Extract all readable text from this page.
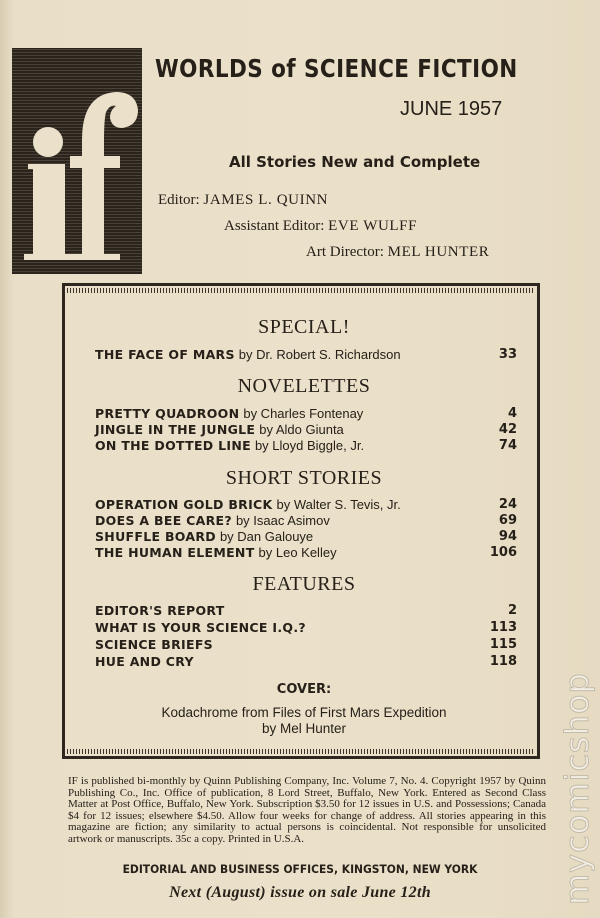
WORLDS of SCIENCE FICTION
JUNE 1957
All Stories New and Complete
Editor: JAMES L. QUINN
Assistant Editor: EVE WULFF
Art Director: MEL HUNTER
SPECIAL!
THE FACE OF MARS by Dr. Robert S. Richardson	33
NOVELETTES
PRETTY QUADROON by Charles Fontenay	4
JINGLE IN THE JUNGLE by Aldo Giunta	42
ON THE DOTTED LINE by Lloyd Biggle, Jr.	74
SHORT STORIES
OPERATION GOLD BRICK by Walter S. Tevis, Jr.	24
DOES A BEE CARE? by Isaac Asimov	69
SHUFFLE BOARD by Dan Galouye	94
THE HUMAN ELEMENT by Leo Kelley	106
FEATURES
EDITOR'S REPORT	2
WHAT IS YOUR SCIENCE I.Q.?	113
SCIENCE BRIEFS	115
HUE AND CRY	118
COVER:
Kodachrome from Files of First Mars Expedition
by Mel Hunter
IF is published bi-monthly by Quinn Publishing Company, Inc. Volume 7, No. 4. Copyright 1957 by Quinn Publishing Co., Inc. Office of publication, 8 Lord Street, Buffalo, New York. Entered as Second Class Matter at Post Office, Buffalo, New York. Subscription $3.50 for 12 issues in U.S. and Possessions; Canada $4 for 12 issues; elsewhere $4.50. Allow four weeks for change of address. All stories appearing in this magazine are fiction; any similarity to actual persons is coincidental. Not responsible for unsolicited artwork or manuscripts. 35c a copy. Printed in U.S.A.
EDITORIAL AND BUSINESS OFFICES, KINGSTON, NEW YORK
Next (August) issue on sale June 12th	mycomicshop
